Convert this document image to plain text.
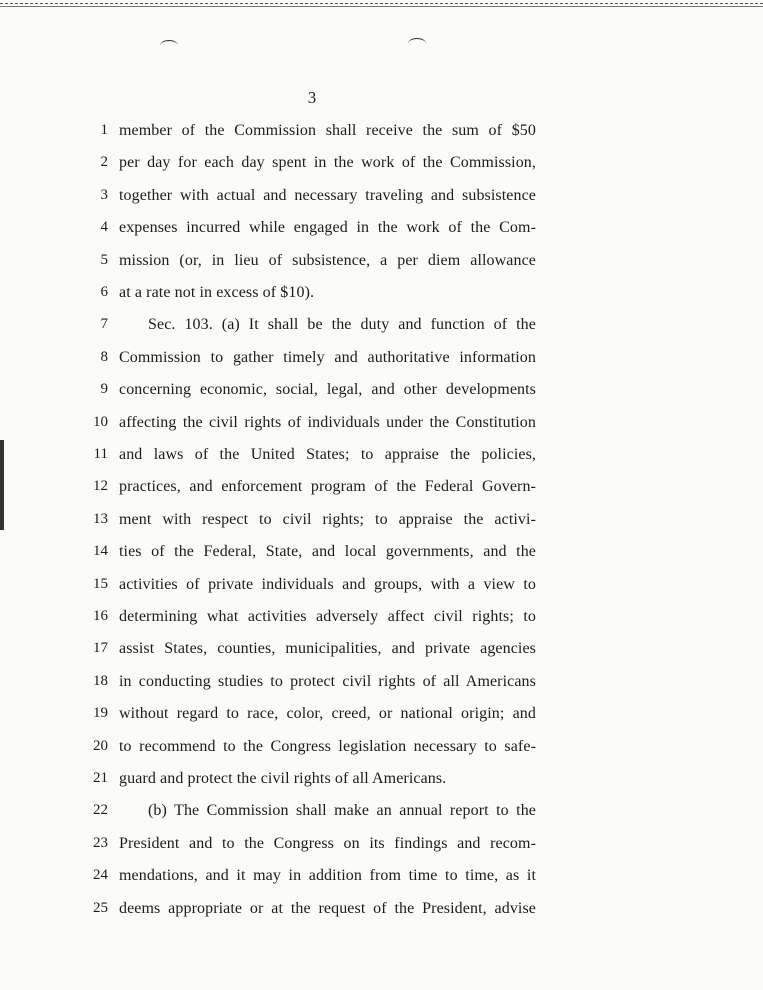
3
1 member of the Commission shall receive the sum of $50
2 per day for each day spent in the work of the Commission,
3 together with actual and necessary traveling and subsistence
4 expenses incurred while engaged in the work of the Com-
5 mission (or, in lieu of subsistence, a per diem allowance
6 at a rate not in excess of $10).
7	Sec. 103. (a) It shall be the duty and function of the
8 Commission to gather timely and authoritative information
9 concerning economic, social, legal, and other developments
10 affecting the civil rights of individuals under the Constitution
11 and laws of the United States; to appraise the policies,
12 practices, and enforcement program of the Federal Govern-
13 ment with respect to civil rights; to appraise the activi-
14 ties of the Federal, State, and local governments, and the
15 activities of private individuals and groups, with a view to
16 determining what activities adversely affect civil rights; to
17 assist States, counties, municipalities, and private agencies
18 in conducting studies to protect civil rights of all Americans
19 without regard to race, color, creed, or national origin; and
20 to recommend to the Congress legislation necessary to safe-
21 guard and protect the civil rights of all Americans.
22	(b) The Commission shall make an annual report to the
23 President and to the Congress on its findings and recom-
24 mendations, and it may in addition from time to time, as it
25 deems appropriate or at the request of the President, advise
